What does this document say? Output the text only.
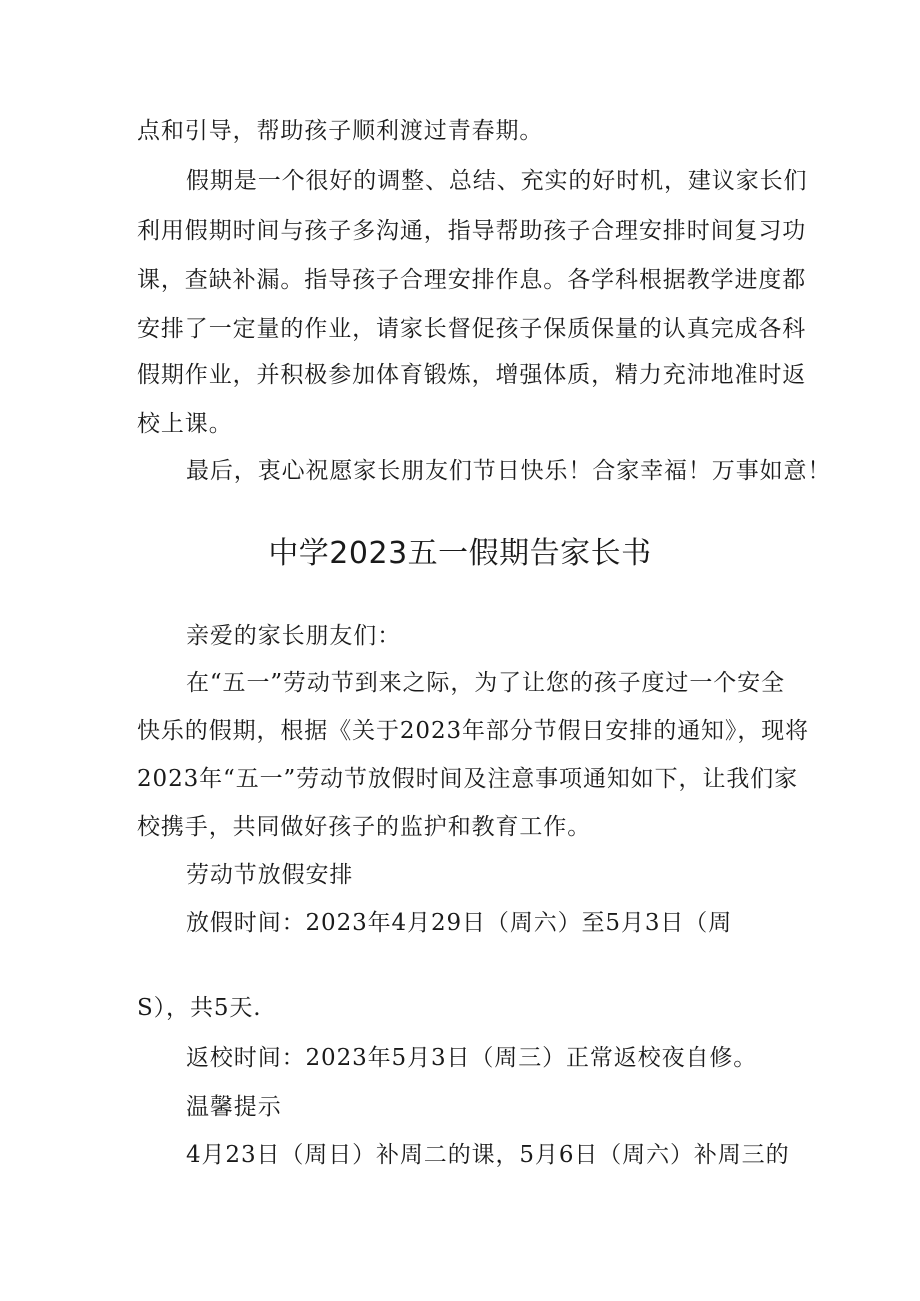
点和引导，帮助孩子顺利渡过青春期。
假期是一个很好的调整、总结、充实的好时机，建议家长们
利用假期时间与孩子多沟通，指导帮助孩子合理安排时间复习功
课，查缺补漏。指导孩子合理安排作息。各学科根据教学进度都
安排了一定量的作业，请家长督促孩子保质保量的认真完成各科
假期作业，并积极参加体育锻炼，增强体质，精力充沛地准时返
校上课。
最后，衷心祝愿家长朋友们节日快乐！合家幸福！万事如意！
中学2023五一假期告家长书
亲爱的家长朋友们：
在“五一”劳动节到来之际，为了让您的孩子度过一个安全
快乐的假期，根据《关于2023年部分节假日安排的通知》，现将
2023年“五一”劳动节放假时间及注意事项通知如下，让我们家
校携手，共同做好孩子的监护和教育工作。
劳动节放假安排
放假时间：2023年4月29日（周六）至5月3日（周
S），共5天.
返校时间：2023年5月3日（周三）正常返校夜自修。
温馨提示
4月23日（周日）补周二的课，5月6日（周六）补周三的
